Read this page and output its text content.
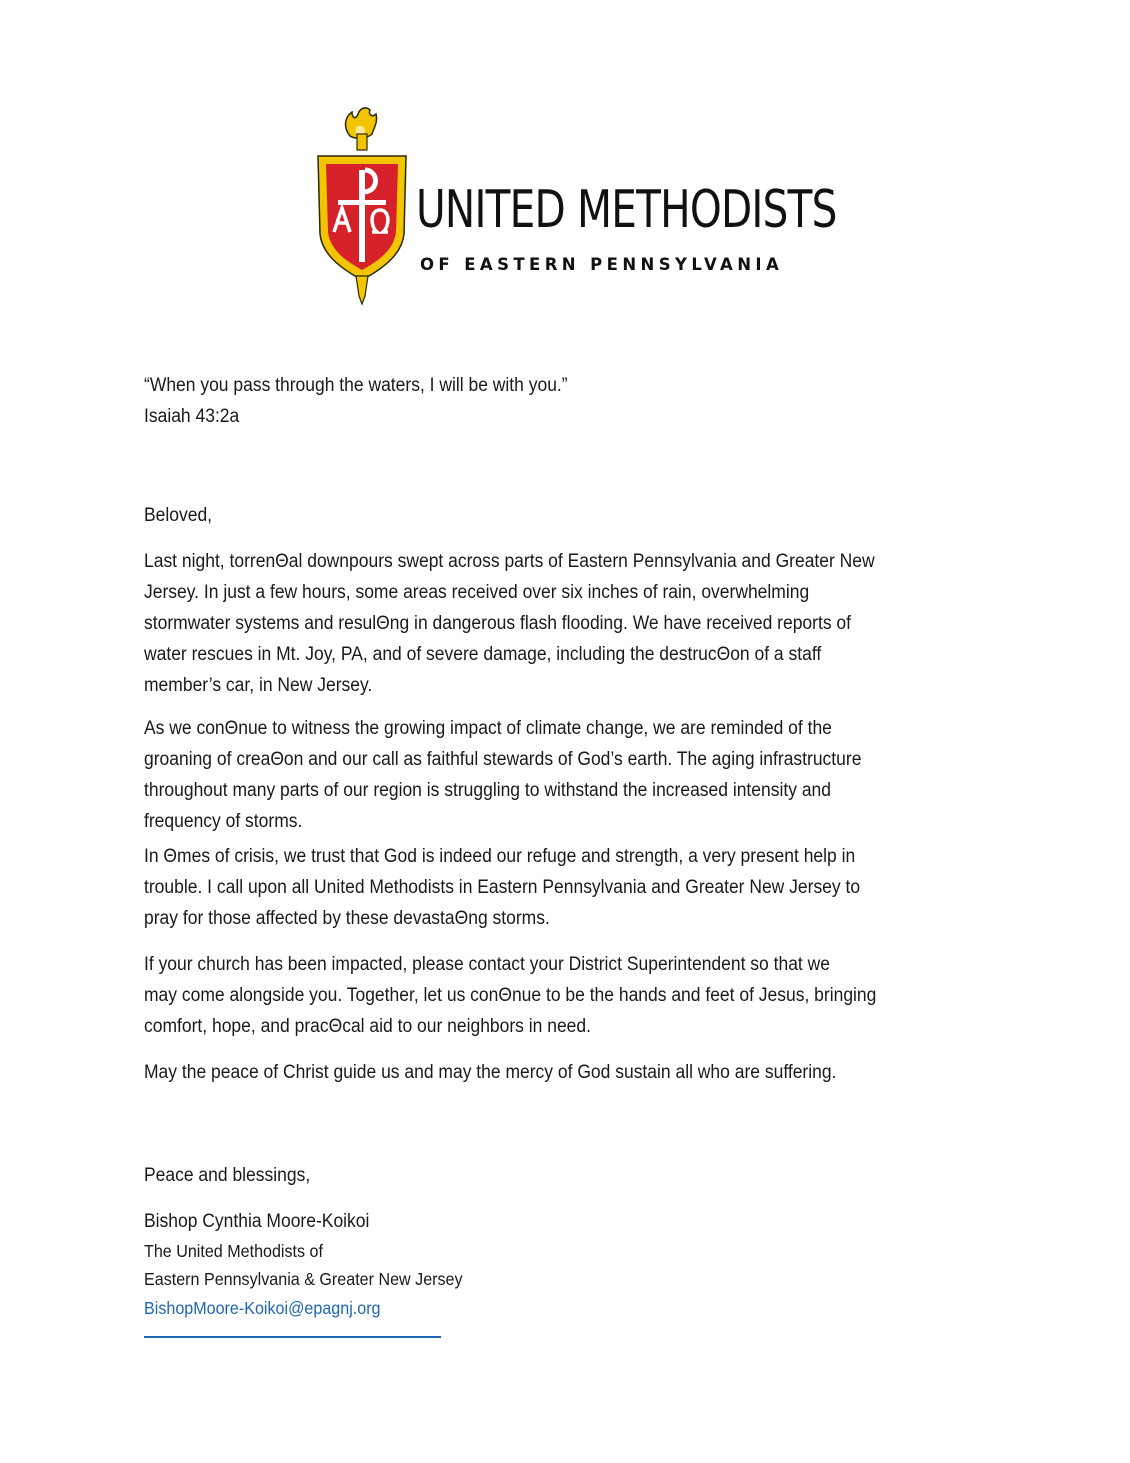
UNITED METHODISTS
OF EASTERN PENNSYLVANIA

“When you pass through the waters, I will be with you.”

Isaiah 43:2a

Beloved,

Last night, torrenΘal downpours swept across parts of Eastern Pennsylvania and Greater New

Jersey. In just a few hours, some areas received over six inches of rain, overwhelming

stormwater systems and resulΘng in dangerous flash flooding. We have received reports of

water rescues in Mt. Joy, PA, and of severe damage, including the destrucΘon of a staff

member’s car, in New Jersey.

As we conΘnue to witness the growing impact of climate change, we are reminded of the

groaning of creaΘon and our call as faithful stewards of God’s earth. The aging infrastructure

throughout many parts of our region is struggling to withstand the increased intensity and

frequency of storms.

In Θmes of crisis, we trust that God is indeed our refuge and strength, a very present help in

trouble. I call upon all United Methodists in Eastern Pennsylvania and Greater New Jersey to

pray for those affected by these devastaΘng storms.

If your church has been impacted, please contact your District Superintendent so that we

may come alongside you. Together, let us conΘnue to be the hands and feet of Jesus, bringing

comfort, hope, and pracΘcal aid to our neighbors in need.

May the peace of Christ guide us and may the mercy of God sustain all who are suffering.

Peace and blessings,

Bishop Cynthia Moore-Koikoi

The United Methodists of

Eastern Pennsylvania & Greater New Jersey

BishopMoore-Koikoi@epagnj.org
